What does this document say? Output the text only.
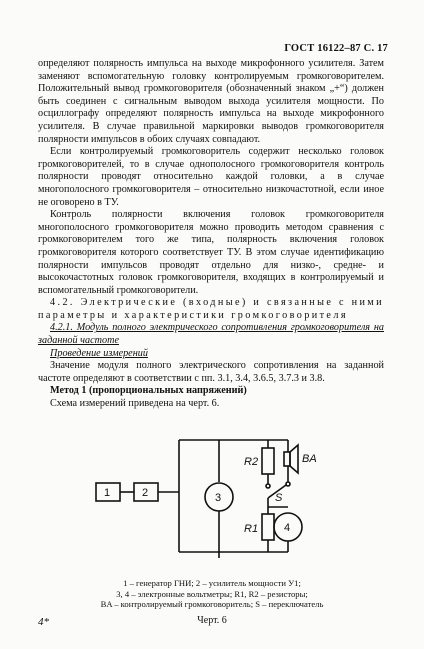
ГОСТ 16122–87 С. 17

определяют полярность импульса на выходе микрофонного усилителя. Затем заменяют вспомогательную головку контролируемым громкоговорителем. Положительный вывод громкоговорителя (обозначенный знаком „+“) должен быть соединен с сигнальным выводом выхода усилителя мощности. По осциллографу определяют полярность импульса на выходе микрофонного усилителя. В случае правильной маркировки выводов громкоговорителя полярности импульсов в обоих случаях совпадают.

Если контролируемый громкоговоритель содержит несколько головок громкоговорителей, то в случае однополосного громкоговорителя контроль полярности проводят относительно каждой головки, а в случае многополосного громкоговорителя – относительно низкочастотной, если иное не оговорено в ТУ.

Контроль полярности включения головок громкоговорителя многополосного громкоговорителя можно проводить методом сравнения с громкоговорителем того же типа, полярность включения головок громкоговорителя которого соответствует ТУ. В этом случае идентификацию полярности импульсов проводят отдельно для низко-, средне- и высокочастотных головок громкоговорителя, входящих в контролируемый и вспомогательный громкоговорители.

4.2. Электрические (входные) и связанные с ними параметры и характеристики громкоговорителя

4.2.1. Модуль полного электрического сопротивления громкоговорителя на заданной частоте

Проведение измерений

Значение модуля полного электрического сопротивления на заданной частоте определяют в соответствии с пп. 3.1, 3.4, 3.6.5, 3.7.3 и 3.8.

Метод 1 (пропорциональных напряжений)

Схема измерений приведена на черт. 6.

1	2	3
4
R1
R2
S
BA
1 – генератор ГНИ; 2 – усилитель мощности У1;
3, 4 – электронные вольтметры; R1, R2 – резисторы;
BA – контролируемый громкоговоритель; S – переключатель
4*	Черт. 6
